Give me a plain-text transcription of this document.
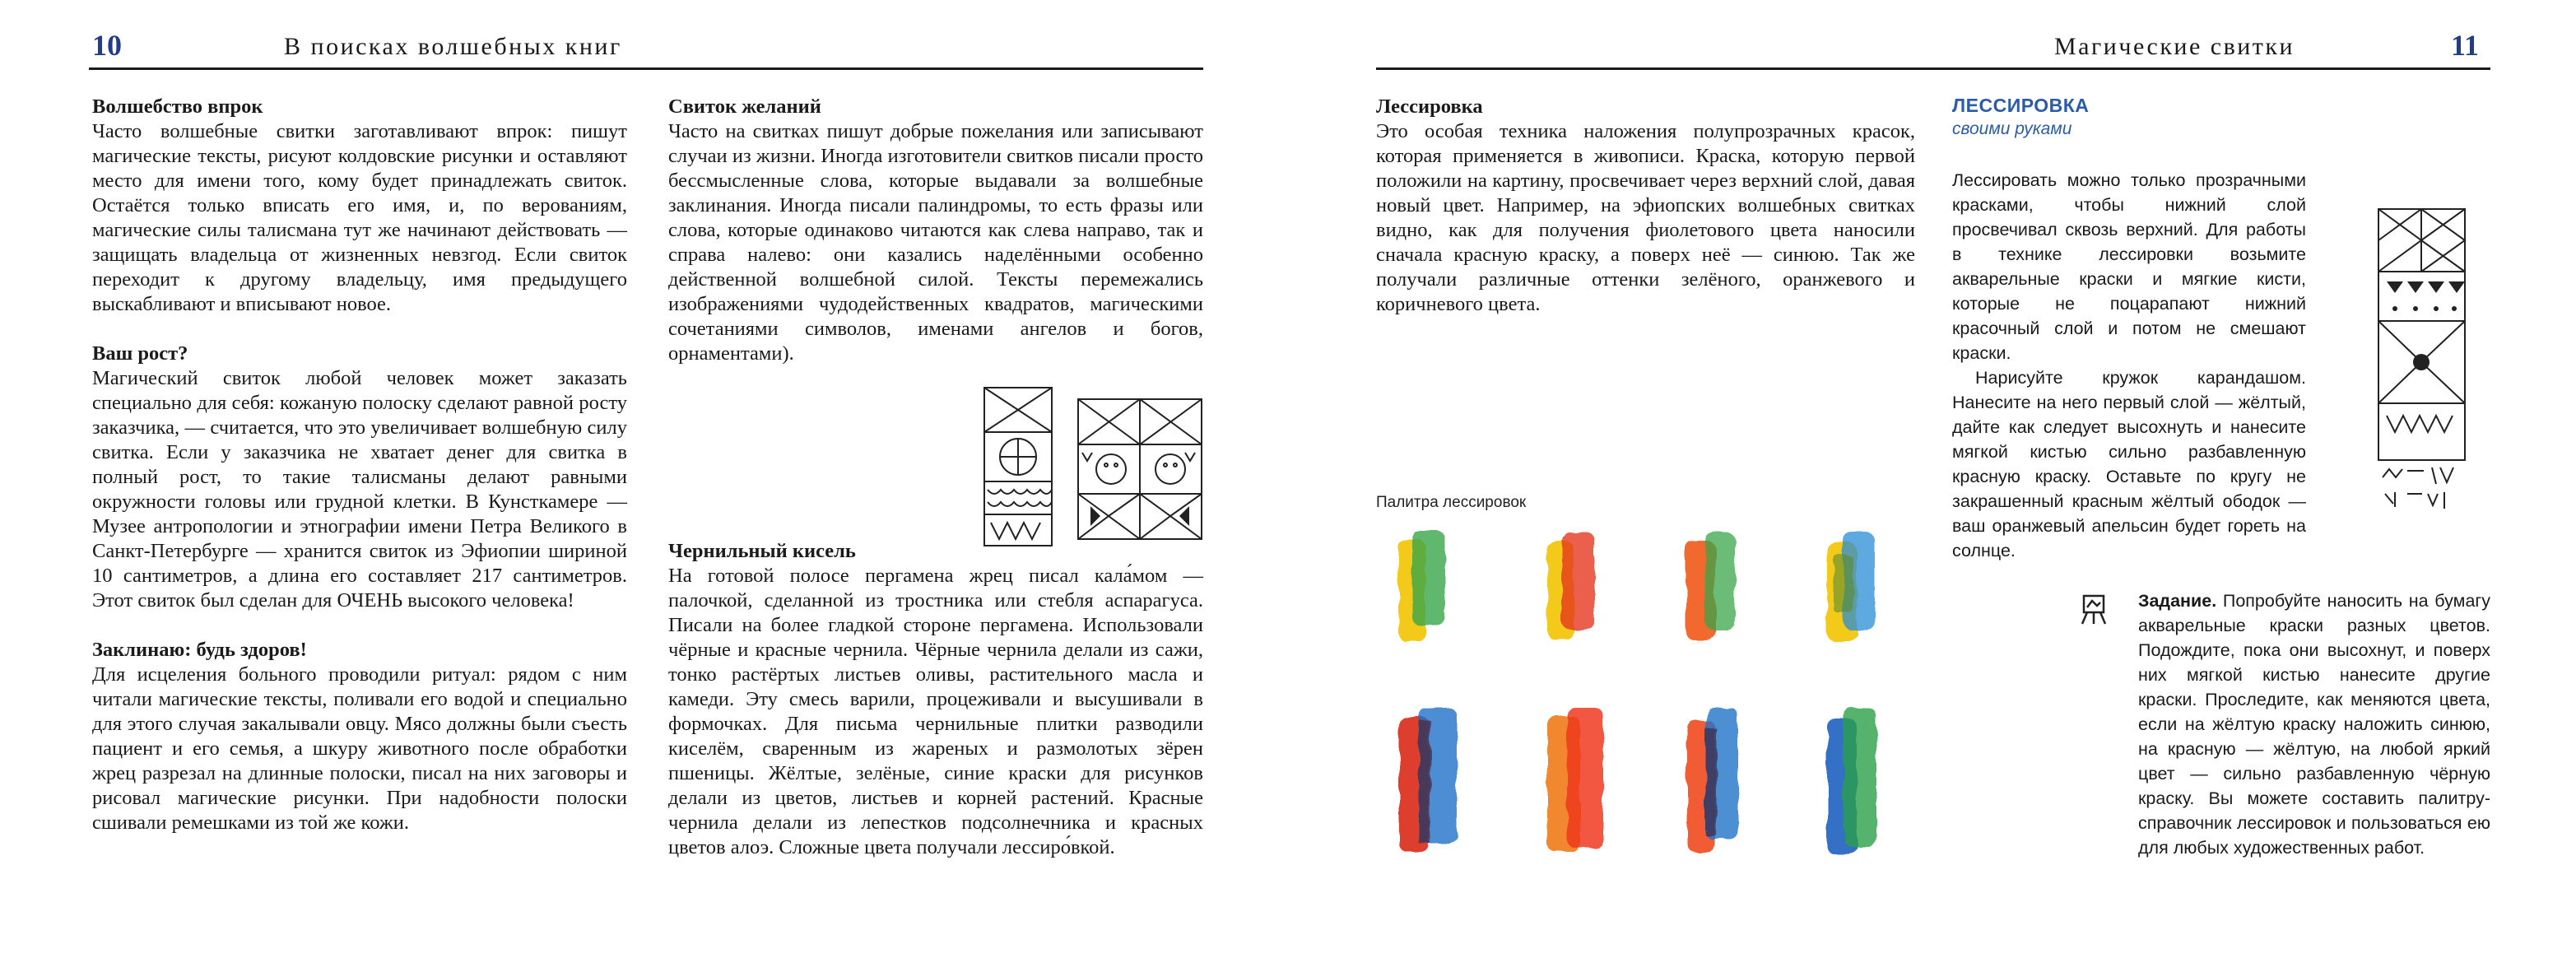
10	В поисках волшебных книг
Волшебство впрок

Часто волшебные свитки заготавливают впрок: пишут магические тексты, рисуют колдовские рисунки и оставляют место для имени того, кому будет принадлежать свиток. Остаётся только вписать его имя, и, по верованиям, магические силы талисмана тут же начинают действовать — защищать владельца от жизненных невзгод. Если свиток переходит к другому владельцу, имя предыдущего выскабливают и вписывают новое.

Ваш рост?

Магический свиток любой человек может заказать специально для себя: кожаную полоску сделают равной росту заказчика, — считается, что это увеличивает волшебную силу свитка. Если у заказчика не хватает денег для свитка в полный рост, то такие талисманы делают равными окружности головы или грудной клетки. В Кунсткамере — Музее антропологии и этнографии имени Петра Великого в Санкт-Петербурге — хранится свиток из Эфиопии шириной 10 сантиметров, а длина его составляет 217 сантиметров. Этот свиток был сделан для ОЧЕНЬ высокого человека!

Заклинаю: будь здоров!

Для исцеления больного проводили ритуал: рядом с ним читали магические тексты, поливали его водой и специально для этого случая закалывали овцу. Мясо должны были съесть пациент и его семья, а шкуру животного после обработки жрец разрезал на длинные полоски, писал на них заговоры и рисовал магические рисунки. При надобности полоски сшивали ремешками из той же кожи.

Свиток желаний

Часто на свитках пишут добрые пожелания или записывают случаи из жизни. Иногда изготовители свитков писали просто бессмысленные слова, которые выдавали за волшебные заклинания. Иногда писали палиндромы, то есть фразы или слова, которые одинаково читаются как слева направо, так и справа налево: они казались наделёнными особенно действенной волшебной силой. Тексты перемежались изображениями чудодейственных квадратов, магическими сочетаниями символов, именами ангелов и богов, орнаментами).

Чернильный кисель

На готовой полосе пергамена жрец писал кала́мом — палочкой, сделанной из тростника или стебля аспарагуса. Писали на более гладкой стороне пергамена. Использовали чёрные и красные чернила. Чёрные чернила делали из сажи, тонко растёртых листьев оливы, растительного масла и камеди. Эту смесь варили, процеживали и высушивали в формочках. Для письма чернильные плитки разводили киселём, сваренным из жареных и размолотых зёрен пшеницы. Жёлтые, зелёные, синие краски для рисунков делали из цветов, листьев и корней растений. Красные чернила делали из лепестков подсолнечника и красных цветов алоэ. Сложные цвета получали лессиро́вкой.

Магические свитки	11
Лессировка

Это особая техника наложения полупрозрачных красок, которая применяется в живописи. Краска, которую первой положили на картину, просвечивает через верхний слой, давая новый цвет. Например, на эфиопских волшебных свитках видно, как для получения фиолетового цвета наносили сначала красную краску, а поверх неё — синюю. Так же получали различные оттенки зелёного, оранжевого и коричневого цвета.

Палитра лессировок
ЛЕССИРОВКА
своими руками

Лессировать можно только прозрачными красками, чтобы нижний слой просвечивал сквозь верхний. Для работы в технике лессировки возьмите акварельные краски и мягкие кисти, которые не поцарапают нижний красочный слой и потом не смешают краски.

Нарисуйте кружок карандашом. Нанесите на него первый слой — жёлтый, дайте как следует высохнуть и нанесите мягкой кистью сильно разбавленную красную краску. Оставьте по кругу не закрашенный красным жёлтый ободок — ваш оранжевый апельсин будет гореть на солнце.

Задание. Попробуйте наносить на бумагу акварельные краски разных цветов. Подождите, пока они высохнут, и поверх них мягкой кистью нанесите другие краски. Проследите, как меняются цвета, если на жёлтую краску наложить синюю, на красную — жёлтую, на любой яркий цвет — сильно разбавленную чёрную краску. Вы можете составить палитру-справочник лессировок и пользоваться ею для любых художественных работ.
